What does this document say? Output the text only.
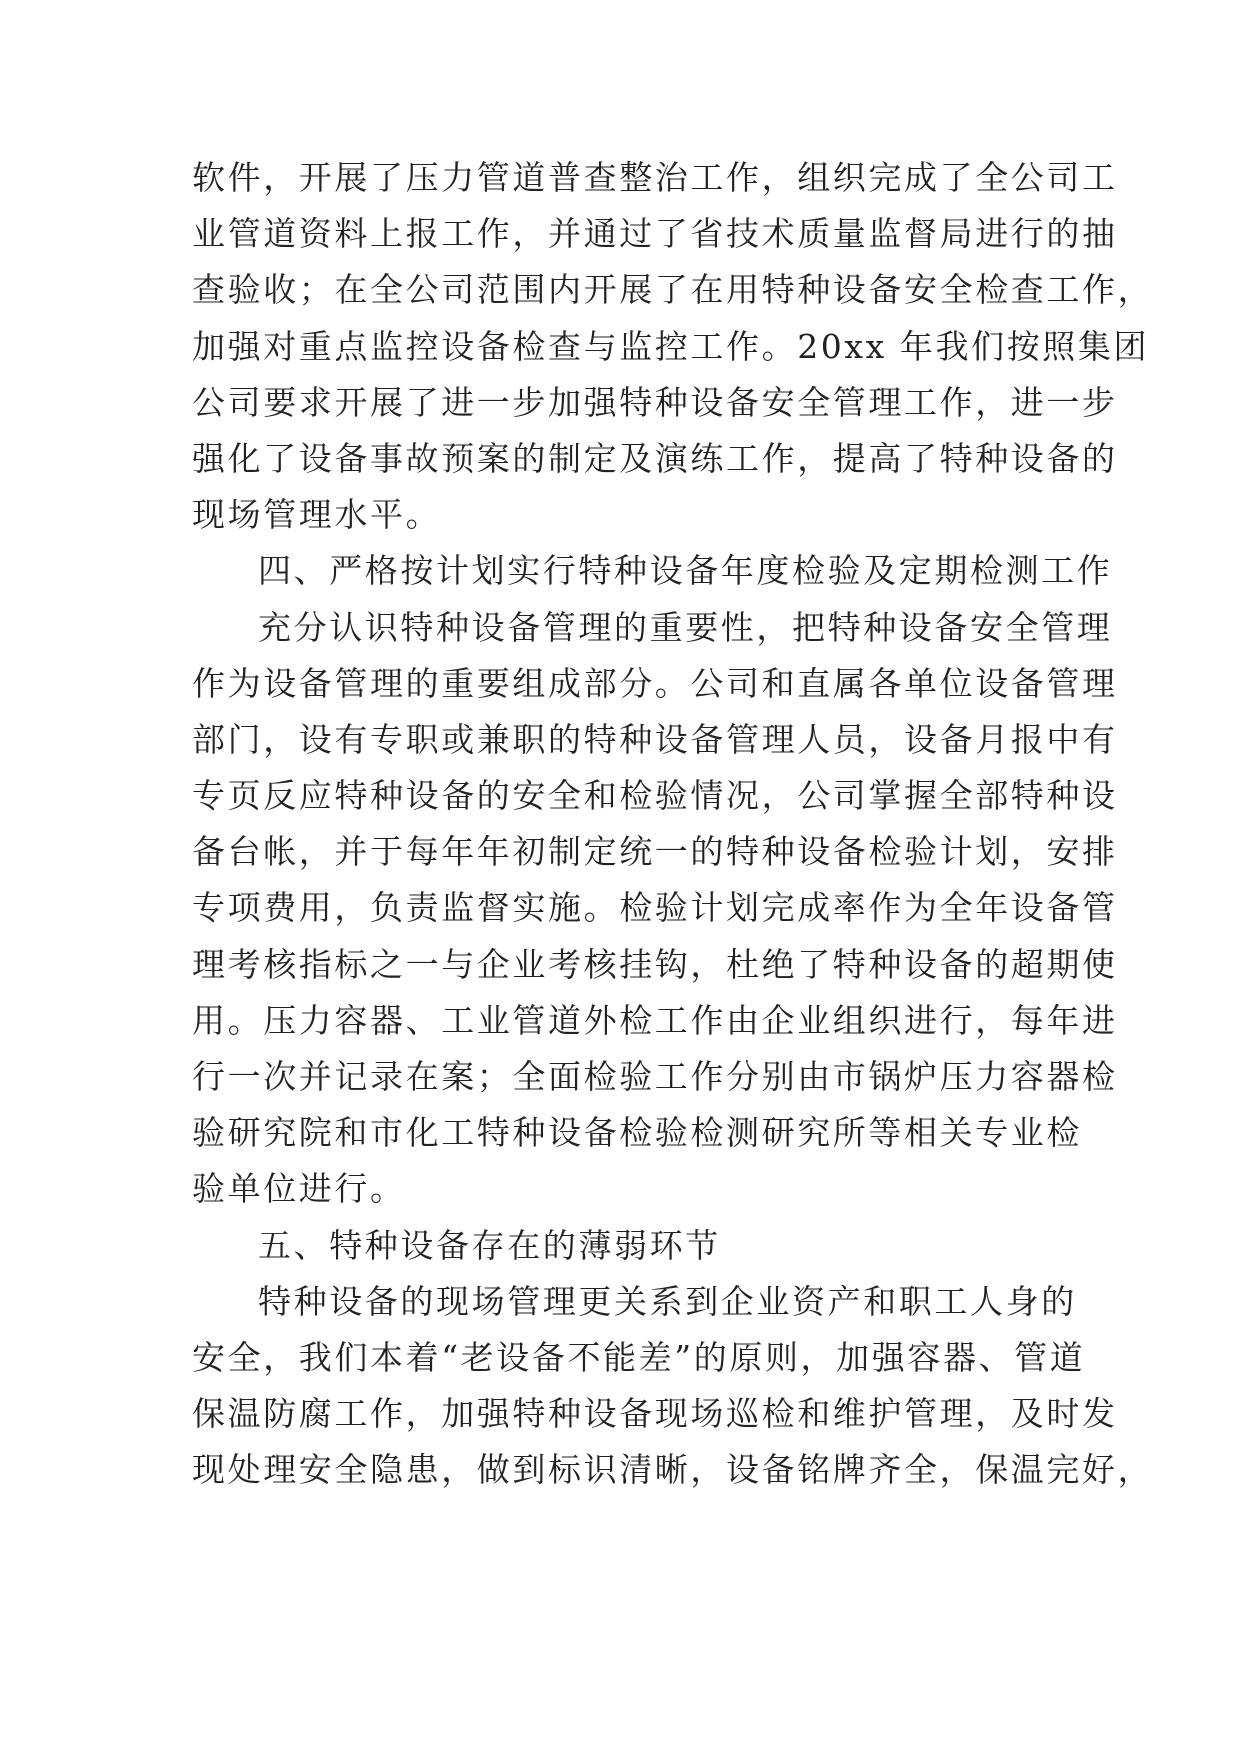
软件，开展了压力管道普查整治工作，组织完成了全公司工
业管道资料上报工作，并通过了省技术质量监督局进行的抽
查验收；在全公司范围内开展了在用特种设备安全检查工作，
加强对重点监控设备检查与监控工作。20xx 年我们按照集团
公司要求开展了进一步加强特种设备安全管理工作，进一步
强化了设备事故预案的制定及演练工作，提高了特种设备的
现场管理水平。
四、严格按计划实行特种设备年度检验及定期检测工作
充分认识特种设备管理的重要性，把特种设备安全管理
作为设备管理的重要组成部分。公司和直属各单位设备管理
部门，设有专职或兼职的特种设备管理人员，设备月报中有
专页反应特种设备的安全和检验情况，公司掌握全部特种设
备台帐，并于每年年初制定统一的特种设备检验计划，安排
专项费用，负责监督实施。检验计划完成率作为全年设备管
理考核指标之一与企业考核挂钩，杜绝了特种设备的超期使
用。压力容器、工业管道外检工作由企业组织进行，每年进
行一次并记录在案；全面检验工作分别由市锅炉压力容器检
验研究院和市化工特种设备检验检测研究所等相关专业检
验单位进行。
五、特种设备存在的薄弱环节
特种设备的现场管理更关系到企业资产和职工人身的
安全，我们本着“老设备不能差”的原则，加强容器、管道
保温防腐工作，加强特种设备现场巡检和维护管理，及时发
现处理安全隐患，做到标识清晰，设备铭牌齐全，保温完好，
